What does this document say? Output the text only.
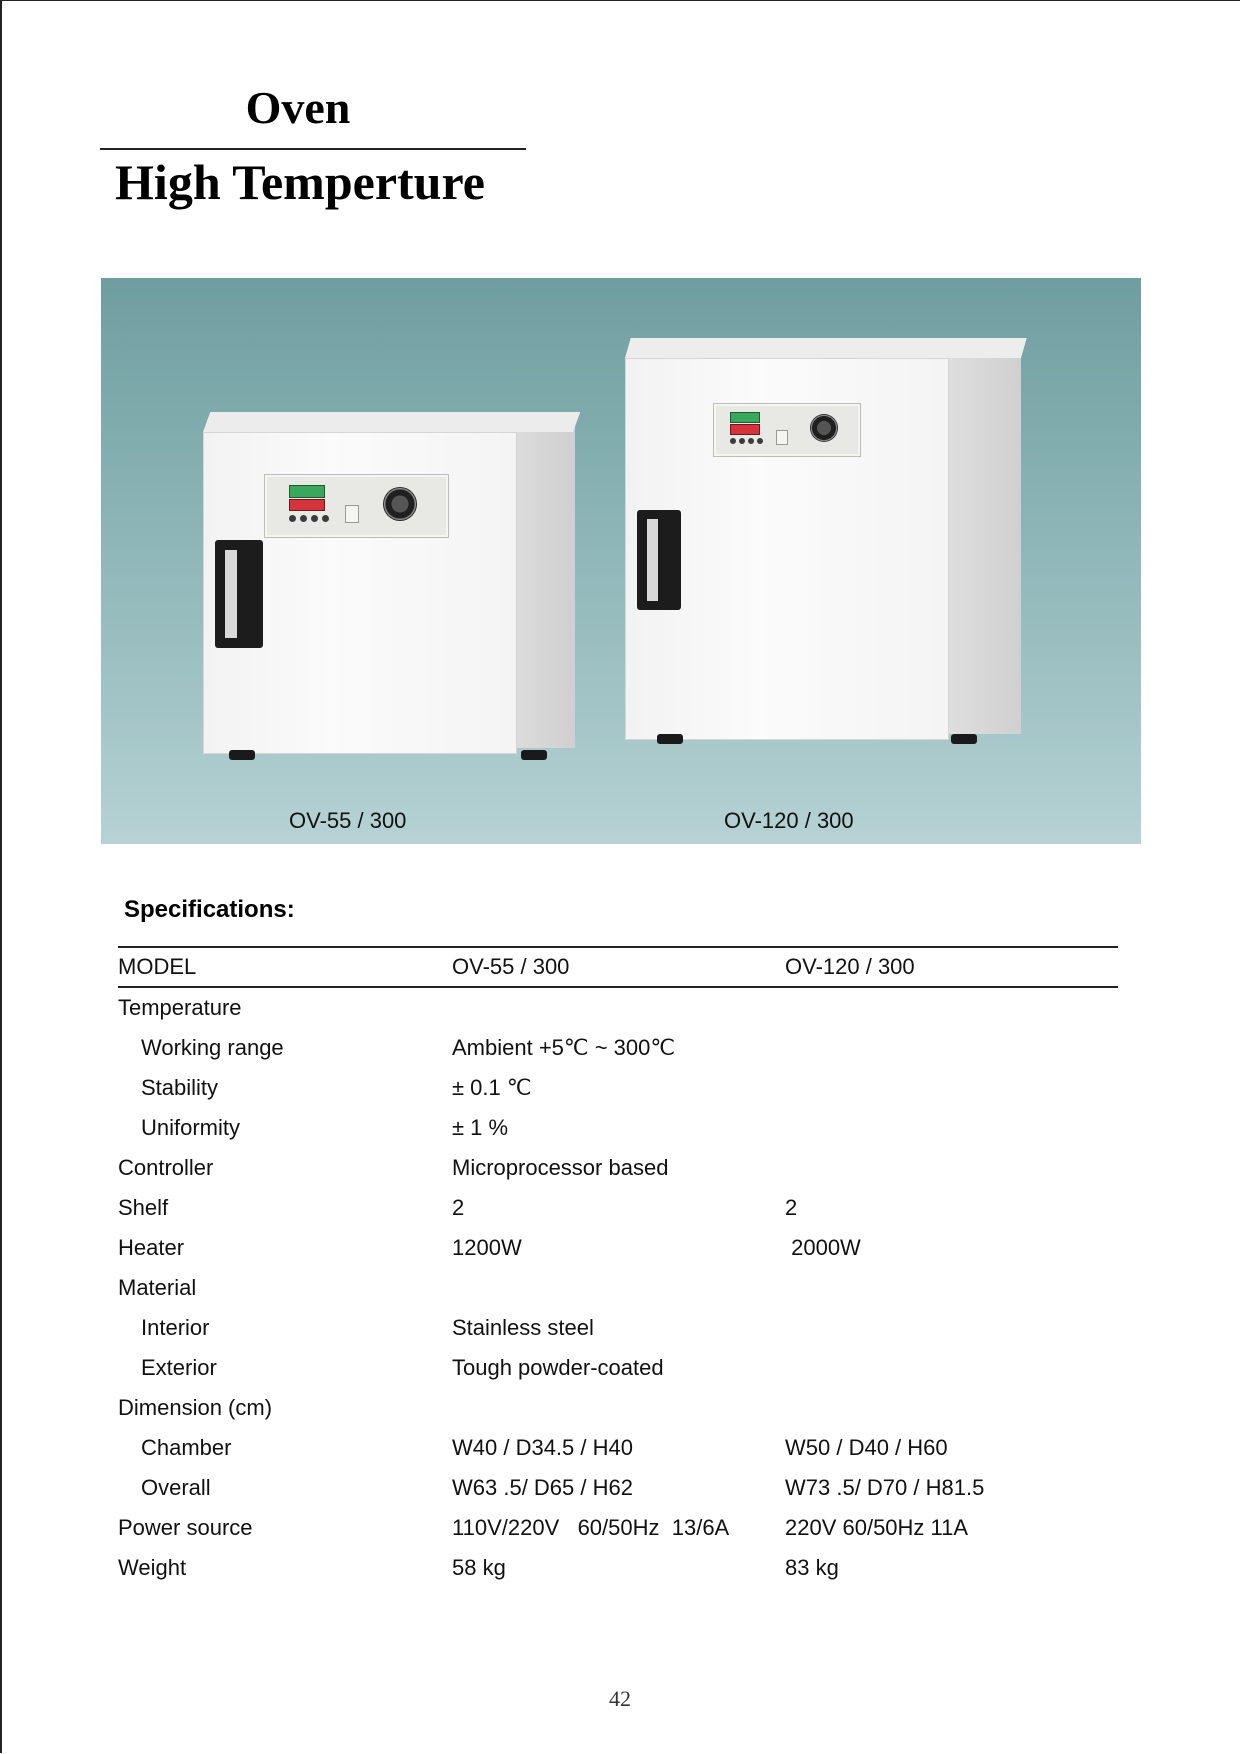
Oven
High Temperture
OV-55 / 300	OV-120 / 300
Specifications:
MODEL	OV-55 / 300	OV-120 / 300
Temperature		
Working range	Ambient +5℃ ~ 300℃	
Stability	± 0.1 ℃	
Uniformity	± 1 %	
Controller	Microprocessor based	
Shelf	2	2
Heater	1200W	2000W
Material		
Interior	Stainless steel	
Exterior	Tough powder-coated	
Dimension (cm)		
Chamber	W40 / D34.5 / H40	W50 / D40 / H60
Overall	W63 .5/ D65 / H62	W73 .5/ D70 / H81.5
Power source	110V/220V   60/50Hz  13/6A	220V 60/50Hz 11A
Weight	58 kg	83 kg
42
